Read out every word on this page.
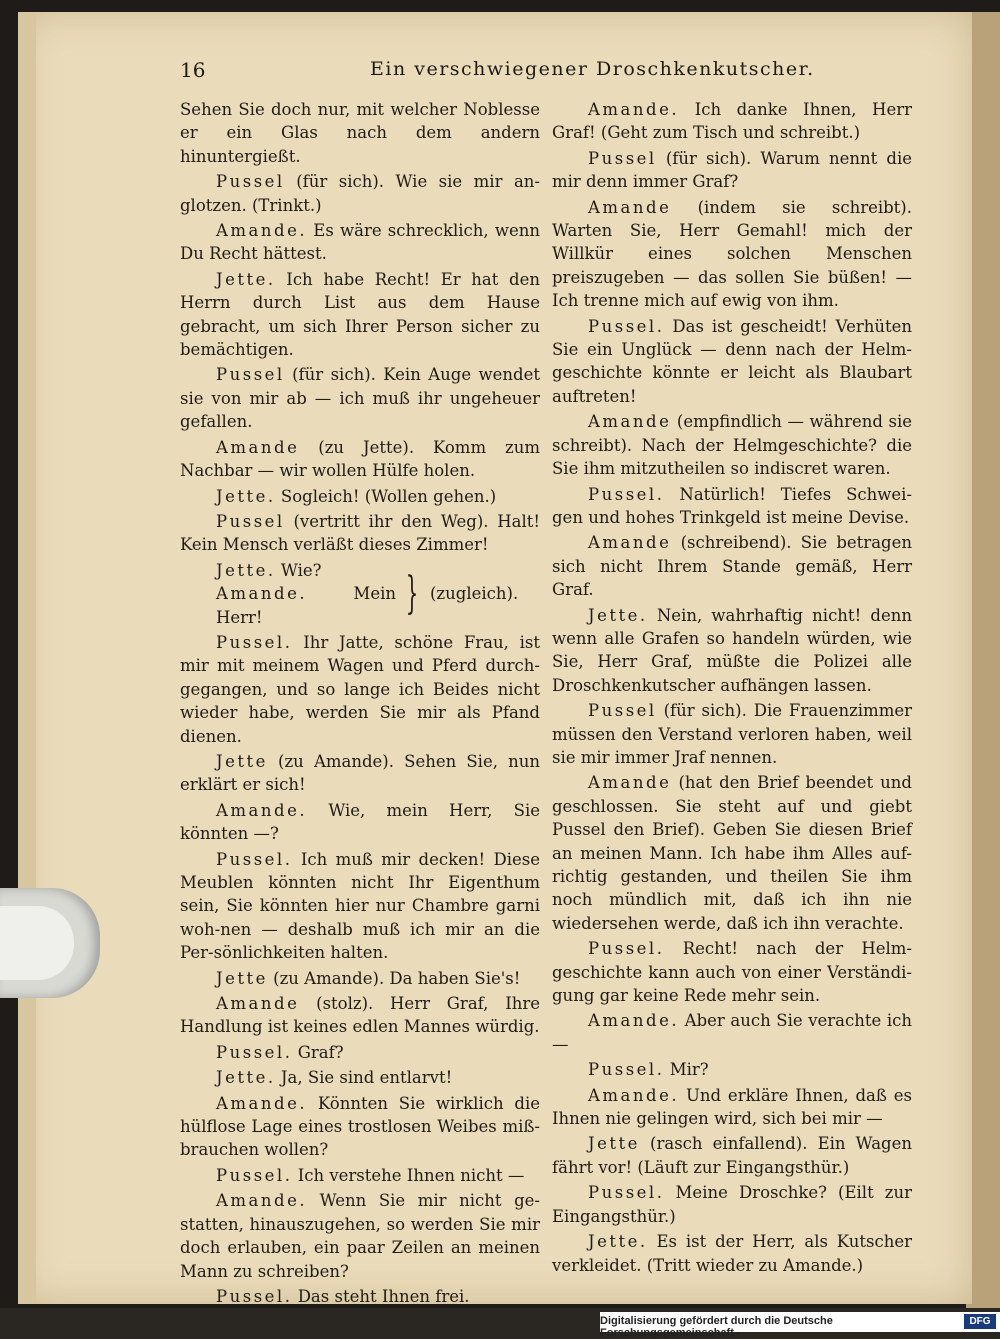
16	Ein verschwiegener Droschkenkutscher.

Sehen Sie doch nur, mit welcher Noblesse er ein Glas nach dem andern hinuntergießt.

Pussel (für sich). Wie sie mir an-glotzen. (Trinkt.)

Amande. Es wäre schrecklich, wenn Du Recht hättest.

Jette. Ich habe Recht! Er hat den Herrn durch List aus dem Hause gebracht, um sich Ihrer Person sicher zu bemächtigen.

Pussel (für sich). Kein Auge wendet sie von mir ab — ich muß ihr ungeheuer gefallen.

Amande (zu Jette). Komm zum Nachbar — wir wollen Hülfe holen.

Jette. Sogleich! (Wollen gehen.)

Pussel (vertritt ihr den Weg). Halt! Kein Mensch verläßt dieses Zimmer!

Jette. Wie?
Amande. Mein Herr!	} (zugleich).

Pussel. Ihr Jatte, schöne Frau, ist mir mit meinem Wagen und Pferd durch-gegangen, und so lange ich Beides nicht wieder habe, werden Sie mir als Pfand dienen.

Jette (zu Amande). Sehen Sie, nun erklärt er sich!

Amande. Wie, mein Herr, Sie könnten —?

Pussel. Ich muß mir decken! Diese Meublen könnten nicht Ihr Eigenthum sein, Sie könnten hier nur Chambre garni woh-nen — deshalb muß ich mir an die Per-sönlichkeiten halten.

Jette (zu Amande). Da haben Sie's!

Amande (stolz). Herr Graf, Ihre Handlung ist keines edlen Mannes würdig.

Pussel. Graf?

Jette. Ja, Sie sind entlarvt!

Amande. Könnten Sie wirklich die hülflose Lage eines trostlosen Weibes miß-brauchen wollen?

Pussel. Ich verstehe Ihnen nicht —

Amande. Wenn Sie mir nicht ge-statten, hinauszugehen, so werden Sie mir doch erlauben, ein paar Zeilen an meinen Mann zu schreiben?

Pussel. Das steht Ihnen frei.

Amande. Ich danke Ihnen, Herr Graf! (Geht zum Tisch und schreibt.)

Pussel (für sich). Warum nennt die mir denn immer Graf?

Amande (indem sie schreibt). Warten Sie, Herr Gemahl! mich der Willkür eines solchen Menschen preiszugeben — das sollen Sie büßen! — Ich trenne mich auf ewig von ihm.

Pussel. Das ist gescheidt! Verhüten Sie ein Unglück — denn nach der Helm-geschichte könnte er leicht als Blaubart auftreten!

Amande (empfindlich — während sie schreibt). Nach der Helmgeschichte? die Sie ihm mitzutheilen so indiscret waren.

Pussel. Natürlich! Tiefes Schwei-gen und hohes Trinkgeld ist meine Devise.

Amande (schreibend). Sie betragen sich nicht Ihrem Stande gemäß, Herr Graf.

Jette. Nein, wahrhaftig nicht! denn wenn alle Grafen so handeln würden, wie Sie, Herr Graf, müßte die Polizei alle Droschkenkutscher aufhängen lassen.

Pussel (für sich). Die Frauenzimmer müssen den Verstand verloren haben, weil sie mir immer Jraf nennen.

Amande (hat den Brief beendet und geschlossen. Sie steht auf und giebt Pussel den Brief). Geben Sie diesen Brief an meinen Mann. Ich habe ihm Alles auf-richtig gestanden, und theilen Sie ihm noch mündlich mit, daß ich ihn nie wiedersehen werde, daß ich ihn verachte.

Pussel. Recht! nach der Helm-geschichte kann auch von einer Verständi-gung gar keine Rede mehr sein.

Amande. Aber auch Sie verachte ich —

Pussel. Mir?

Amande. Und erkläre Ihnen, daß es Ihnen nie gelingen wird, sich bei mir —

Jette (rasch einfallend). Ein Wagen fährt vor! (Läuft zur Eingangsthür.)

Pussel. Meine Droschke? (Eilt zur Eingangsthür.)

Jette. Es ist der Herr, als Kutscher verkleidet. (Tritt wieder zu Amande.)

Digitalisierung gefördert durch die Deutsche Forschungsgemeinschaft -
DFG
